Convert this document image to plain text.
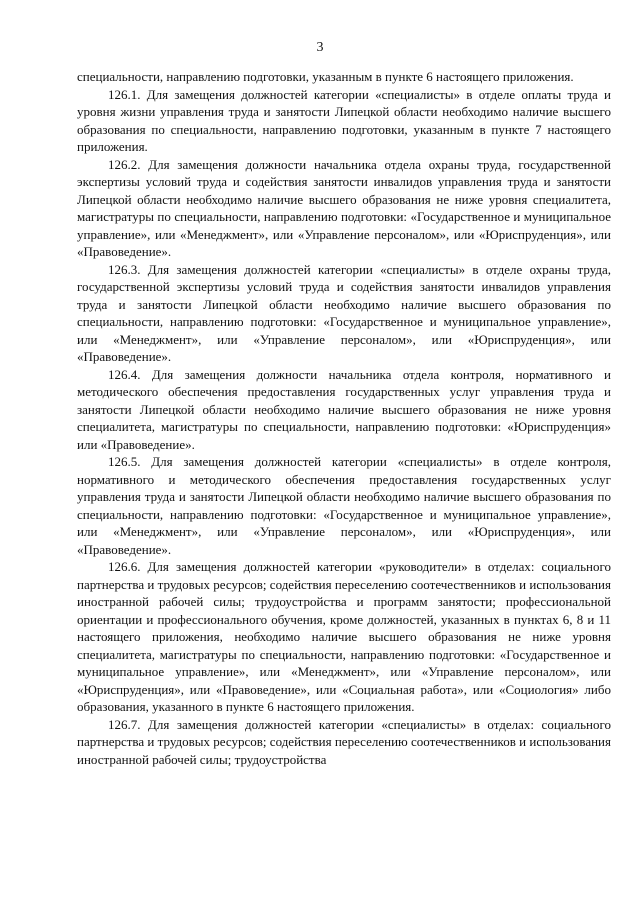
3

специальности, направлению подготовки, указанным в пункте 6 настоящего приложения.

126.1. Для замещения должностей категории «специалисты» в отделе оплаты труда и уровня жизни управления труда и занятости Липецкой области необходимо наличие высшего образования по специальности, направлению подготовки, указанным в пункте 7 настоящего приложения.

126.2. Для замещения должности начальника отдела охраны труда, государственной экспертизы условий труда и содействия занятости инвалидов управления труда и занятости Липецкой области необходимо наличие высшего образования не ниже уровня специалитета, магистратуры по специальности, направлению подготовки: «Государственное и муниципальное управление», или «Менеджмент», или «Управление персоналом», или «Юриспруденция», или «Правоведение».

126.3. Для замещения должностей категории «специалисты» в отделе охраны труда, государственной экспертизы условий труда и содействия занятости инвалидов управления труда и занятости Липецкой области необходимо наличие высшего образования по специальности, направлению подготовки: «Государственное и муниципальное управление», или «Менеджмент», или «Управление персоналом», или «Юриспруденция», или «Правоведение».

126.4. Для замещения должности начальника отдела контроля, нормативного и методического обеспечения предоставления государственных услуг управления труда и занятости Липецкой области необходимо наличие высшего образования не ниже уровня специалитета, магистратуры по специальности, направлению подготовки: «Юриспруденция» или «Правоведение».

126.5. Для замещения должностей категории «специалисты» в отделе контроля, нормативного и методического обеспечения предоставления государственных услуг управления труда и занятости Липецкой области необходимо наличие высшего образования по специальности, направлению подготовки: «Государственное и муниципальное управление», или «Менеджмент», или «Управление персоналом», или «Юриспруденция», или «Правоведение».

126.6. Для замещения должностей категории «руководители» в отделах: социального партнерства и трудовых ресурсов; содействия переселению соотечественников и использования иностранной рабочей силы; трудоустройства и программ занятости; профессиональной ориентации и профессионального обучения, кроме должностей, указанных в пунктах 6, 8 и 11 настоящего приложения, необходимо наличие высшего образования не ниже уровня специалитета, магистратуры по специальности, направлению подготовки: «Государственное и муниципальное управление», или «Менеджмент», или «Управление персоналом», или «Юриспруденция», или «Правоведение», или «Социальная работа», или «Социология» либо образования, указанного в пункте 6 настоящего приложения.

126.7. Для замещения должностей категории «специалисты» в отделах: социального партнерства и трудовых ресурсов; содействия переселению соотечественников и использования иностранной рабочей силы; трудоустройства
